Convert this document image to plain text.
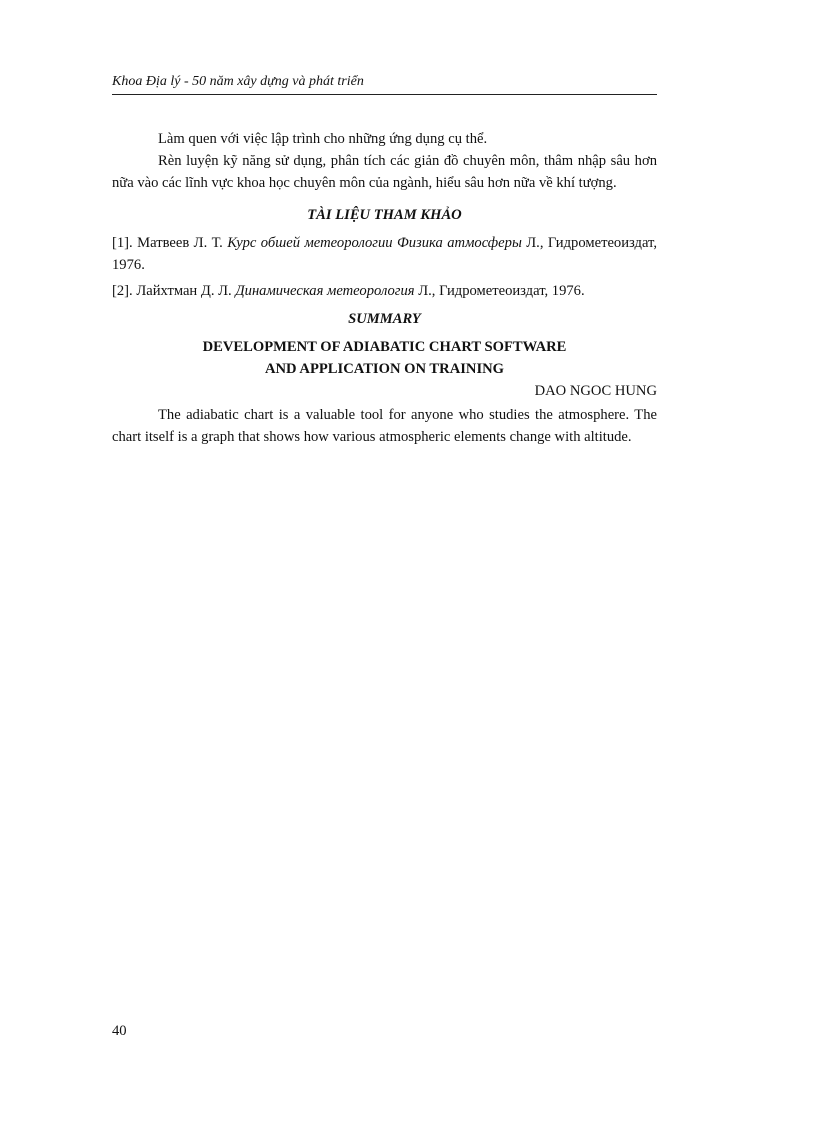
Khoa Địa lý - 50 năm xây dựng và phát triển

Làm quen với việc lập trình cho những ứng dụng cụ thể.

Rèn luyện kỹ năng sử dụng, phân tích các giản đồ chuyên môn, thâm nhập sâu hơn nữa vào các lĩnh vực khoa học chuyên môn của ngành, hiểu sâu hơn nữa về khí tượng.

TÀI LIỆU THAM KHẢO

[1]. Матвеев Л. Т. Курс обшей метеорологии Физика атмосферы Л., Гидрометеоиздат, 1976.

[2]. Лайхтман Д. Л. Динамическая метеорология Л., Гидрометеоиздат, 1976.

SUMMARY

DEVELOPMENT OF ADIABATIC CHART SOFTWARE

AND APPLICATION ON TRAINING

DAO NGOC HUNG

The adiabatic chart is a valuable tool for anyone who studies the atmosphere. The chart itself is a graph that shows how various atmospheric elements change with altitude.

40
